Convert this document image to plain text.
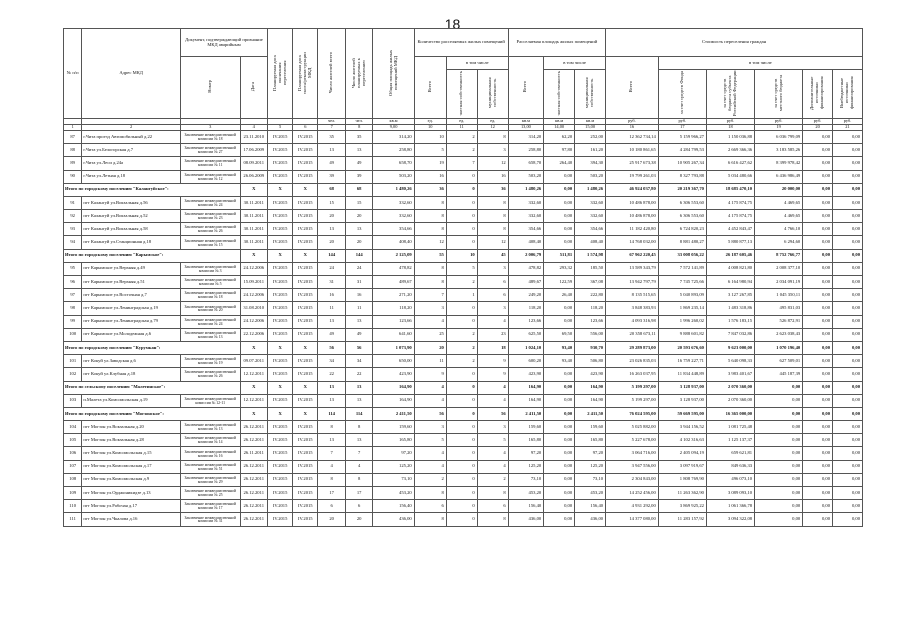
18
№ п/п	Адрес МКД	Документ, подтверждающий признание МКД аварийным		Планируемая дата окончания переселения	Планируемая дата сноса/реконструкции МКД	Число жителей всего	Число жителей планируемых к переселению	Общая площадь жилых помещений МКД	Количество расселяемых жилых помещений			Расселяемая площадь жилых помещений			Стоимость переселения граждан					
		Номер	Дата						Всего	в том числе		Всего	в том числе		Всего	в том числе				
										частная собственность	муниципальная собственность		частная собственность	муниципальная собственность		за счет средств Фонда	за счет средств бюджета субъекта Российской Федерации	за счет средств местного бюджета	Дополнительные источники финансирования	Внебюджетные источники финансирования
						чел.	чел.	кв.м	ед.	ед.	ед.	кв.м	кв.м	кв.м	руб.	руб.	руб.	руб.	руб.	руб.
1	2	3	4	5	6	7	8	9,00	10	11	12	13,00	14,00	15,00	16	17	18	19	20	21
87	г.Чита проезд Автомобильный д.22	Заключение межведомственной комиссии № 18	23.11.2010	IV.2015	IV.2015	35	35	314,20	10	2	8	314,20	62,20	252,00	12 362 734,14	5 159 966,27	1 150 036,88	6 036 799,09	0,00	0,00
88	г.Чита ул.Белогорская д.7	Заключение межведомственной комиссии № 27	17.06.2009	IV.2015	IV.2015	13	13	258,80	5	2	3	258,80	97,80	161,20	10 180 861,65	4 284 799,53	2 669 366,36	3 183 585,26	0,00	0,00
89	г.Чита ул.Леси д.24а	Заключение межведомственной комиссии № 11	08.09.2011	IV.2015	IV.2015	49	49	658,70	19	7	12	658,70	264,40	394,30	25 917 673,38	10 905 267,34	6 616 427,62	8 399 978,42	0,00	0,00
90	г.Чита ул.Летная д.18	Заключение межведомственной комиссии № 12	26.06.2009	IV.2015	IV.2015	39	39	503,20	16	0	16	503,20	0,00	503,20	19 799 261,03	8 327 793,88	5 034 480,66	6 436 986,49	0,00	0,00
Итого по городскому поселению "Калангуйское":			X	X	X	68	68	1 480,26	36	0	36	1 480,26	0,00	1 480,26	46 924 037,80	20 219 367,70	18 685 470,10	20 000,00	0,00	0,00
91	пгт Калангуй ул.Вокзальная д.56	Заключение межведомственной комиссии № 24	30.11.2011	IV.2015	IV.2015	15	15	332,60	8	0	8	332,60	0,00	332,60	10 486 878,00	6 306 553,60	4 175 874,75	4 469,65	0,00	0,00
92	пгт Калангуй ул.Вокзальная д.52	Заключение межведомственной комиссии № 23	30.11.2011	IV.2015	IV.2015	20	20	332,60	8	0	8	332,60	0,00	332,60	10 486 878,00	6 306 553,60	4 175 874,75	4 469,65	0,00	0,00
93	пгт Калангуй ул.Вокзальная д.58	Заключение межведомственной комиссии № 26	30.11.2011	IV.2015	IV.2015	13	13	354,66	8	0	8	354,66	0,00	354,66	11 182 420,80	6 724 820,23	4 452 843,47	4 766,10	0,00	0,00
94	пгт Калангуй ул.Станционная д.18	Заключение межведомственной комиссии № 15	30.11.2011	IV.2015	IV.2015	20	20	408,40	12	0	12	408,40	0,00	408,40	14 768 032,00	8 881 480,27	5 880 877,13	6 294,60	0,00	0,00
Итого по городскому поселению "Карымское":			X	X	X	144	144	2 125,09	55	10	45	2 006,79	511,81	1 574,98	67 962 220,45	33 008 056,22	26 187 605,46	8 752 766,77	0,00	0,00
95	пгт Карымское ул.Верхняя д.49	Заключение межведомственной комиссии № 3	24.12.2006	IV.2015	IV.2015	24	24	478,82	8	5	3	478,82	293,32	185,50	13 589 343,79	7 572 141,89	4 008 821,80	2 008 377,10	0,00	0,00
96	пгт Карымское ул.Верхняя д.51	Заключение межведомственной комиссии № 5	15.09.2011	IV.2015	IV.2015	31	31	489,67	8	2	6	489,67	122,59	367,08	13 942 797,79	7 745 725,66	6 164 980,94	2 034 091,19	0,00	0,00
97	пгт Карымское ул.Восточная д.7	Заключение межведомственной комиссии № 18	24.12.2006	IV.2015	IV.2015	16	16	271,20	7	1	6	249,20	26,40	222,80	8 135 515,65	5 040 893,09	3 127 267,85	1 045 350,11	0,00	0,00
98	пгт Карымское ул.Ленинградская д.19	Заключение межведомственной комиссии № 20	31.08.2010	IV.2015	IV.2015	11	11	118,20	3	0	3	118,20	0,00	118,20	3 848 383,93	1 869 235,14	1 483 318,86	495 831,03	0,00	0,00
99	пгт Карымское ул.Ленинградская д.79	Заключение межведомственной комиссии № 24	24.12.2006	IV.2015	IV.2015	13	13	123,66	4	0	4	123,66	0,00	123,66	4 093 316,98	1 996 260,02	1 576 183,15	526 872,91	0,00	0,00
100	пгт Карымское ул.Молодежная д.6	Заключение межведомственной комиссии № 13	22.12.2006	IV.2015	IV.2015	49	49	641,60	25	2	23	625,50	69,50	556,00	20 358 673,11	9 888 601,82	7 847 032,86	2 623 038,43	0,00	0,00
Итого по городскому поселению "Курумкан":			X	X	X	56	56	1 073,90	20	2	18	1 024,10	93,40	930,70	29 289 873,00	20 593 676,60	9 623 000,00	1 070 196,40	0,00	0,00
101	пгт Кокуй ул.Заводская д.6	Заключение межведомственной комиссии № 19	09.07.2011	IV.2015	IV.2015	34	34	650,00	11	2	9	600,20	93,40	506,80	23 026 835,03	16 759 227,71	5 640 098,33	627 509,01	0,00	0,00
102	пгт Кокуй ул.Клубная д.18	Заключение межведомственной комиссии № 26	12.12.2011	IV.2015	IV.2015	22	22	423,90	9	0	9	423,90	0,00	423,90	16 263 037,95	11 834 448,89	3 983 401,67	445 187,39	0,00	0,00
Итого по сельскому поселению "Малетинское":			X	X	X	13	13	164,90	4	0	4	164,90	0,00	164,90	5 199 297,00	3 128 937,00	2 070 360,00	0,00	0,00	0,00
103	п.Малета ул.Комсомольская д.19	Заключение межведомственной комиссии № 12-11	12.12.2011	IV.2015	IV.2015	13	13	164,90	4	0	4	164,90	0,00	164,90	5 199 297,00	3 128 937,00	2 070 360,00	0,00	0,00	0,00
Итого по городскому поселению "Могзонское":			X	X	X	114	114	2 411,50	56	0	56	2 411,50	0,00	2 411,50	76 024 595,00	59 669 595,00	16 365 000,00	0,00	0,00	0,00
104	пгт Могзон ул.Вокзальная д.20	Заключение межведомственной комиссии № 13	26.12.2011	IV.2015	IV.2015	8	8	159,60	3	0	3	159,60	0,00	159,60	5 025 882,00	3 944 156,52	1 081 725,48	0,00	0,00	0,00
105	пгт Могзон ул.Вокзальная д.28	Заключение межведомственной комиссии № 14	26.12.2011	IV.2015	IV.2015	13	13	165,80	5	0	5	165,80	0,00	165,80	5 227 678,00	4 102 316,63	1 125 137,37	0,00	0,00	0,00
106	пгт Могзон ул.Комсомольская д.15	Заключение межведомственной комиссии № 16	26.11.2011	IV.2015	IV.2015	7	7	97,20	4	0	4	97,20	0,00	97,20	3 064 716,00	2 405 094,19	659 621,81	0,00	0,00	0,00
107	пгт Могзон ул.Комсомольская д.17	Заключение межведомственной комиссии № 51	26.12.2011	IV.2015	IV.2015	4	4	125,20	4	0	4	125,20	0,00	125,20	3 947 556,00	3 097 919,67	849 636,33	0,00	0,00	0,00
108	пгт Могзон ул.Комсомольская д.9	Заключение межведомственной комиссии № 29	26.12.2011	IV.2015	IV.2015	8	8	73,10	2	0	2	73,10	0,00	73,10	2 304 843,00	1 808 769,90	496 073,10	0,00	0,00	0,00
109	пгт Могзон ул.Орджоникидзе д.13	Заключение межведомственной комиссии № 25	26.12.2011	IV.2015	IV.2015	17	17	453,20	8	0	8	453,20	0,00	453,20	14 252 456,00	11 263 362,90	3 089 093,10	0,00	0,00	0,00
110	пгт Могзон ул.Рабочая д.17	Заключение межведомственной комиссии № 17	26.12.2011	IV.2015	IV.2015	6	6	156,40	6	0	6	156,40	0,00	156,40	4 931 292,00	3 869 925,22	1 061 366,78	0,00	0,00	0,00
111	пгт Могзон ул.Чкалова д.16	Заключение межведомственной комиссии № 31	26.12.2011	IV.2015	IV.2015	20	20	436,00	8	0	8	436,00	0,00	436,00	14 377 080,00	11 283 157,92	3 094 322,08	0,00	0,00	0,00
